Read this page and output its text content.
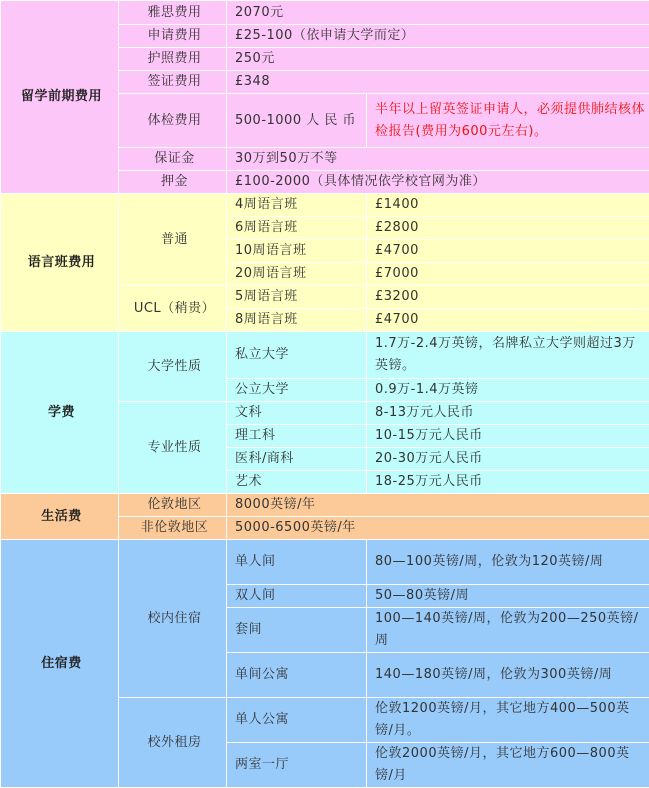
留学前期费用	雅思费用	2070元	
	申请费用	£25-100（依申请大学而定）	
	护照费用	250元	
	签证费用	£348	
	体检费用	500-1000 人 民 币	半年以上留英签证申请人，必须提供肺结核体检报告(费用为600元左右)。
	保证金	30万到50万不等	
	押金	£100-2000（具体情况依学校官网为准）	
语言班费用	普通	4周语言班	£1400
		6周语言班	£2800
		10周语言班	£4700
		20周语言班	£7000
	UCL（稍贵）	5周语言班	£3200
		8周语言班	£4700
学费	大学性质	私立大学	1.7万-2.4万英镑，名牌私立大学则超过3万英镑。
		公立大学	0.9万-1.4万英镑
	专业性质	文科	8-13万元人民币
		理工科	10-15万元人民币
		医科/商科	20-30万元人民币
		艺术	18-25万元人民币
生活费	伦敦地区	8000英镑/年	
	非伦敦地区	5000-6500英镑/年	
住宿费	校内住宿	单人间	80—100英镑/周，伦敦为120英镑/周
		双人间	50—80英镑/周
		套间	100—140英镑/周，伦敦为200—250英镑/周
		单间公寓	140—180英镑/周，伦敦为300英镑/周
	校外租房	单人公寓	伦敦1200英镑/月，其它地方400—500英镑/月。
		两室一厅	伦敦2000英镑/月，其它地方600—800英镑/月
